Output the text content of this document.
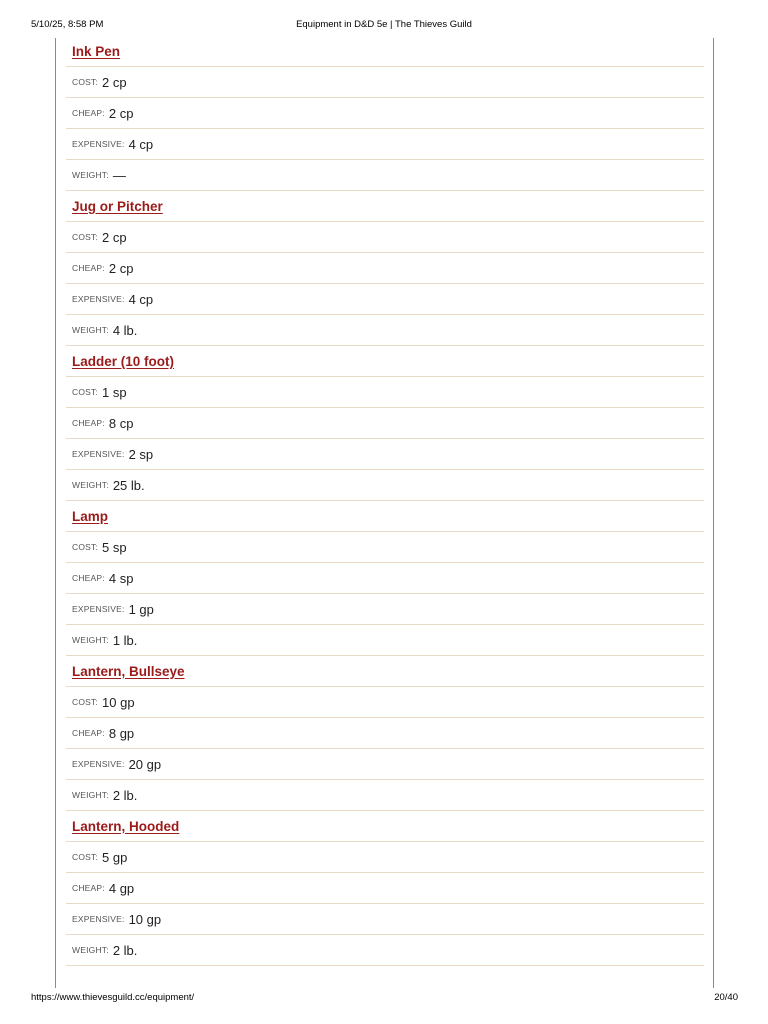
5/10/25, 8:58 PM	Equipment in D&D 5e | The Thieves Guild
Ink Pen
COST: 2 cp
CHEAP: 2 cp
EXPENSIVE: 4 cp
WEIGHT: —
Jug or Pitcher
COST: 2 cp
CHEAP: 2 cp
EXPENSIVE: 4 cp
WEIGHT: 4 lb.
Ladder (10 foot)
COST: 1 sp
CHEAP: 8 cp
EXPENSIVE: 2 sp
WEIGHT: 25 lb.
Lamp
COST: 5 sp
CHEAP: 4 sp
EXPENSIVE: 1 gp
WEIGHT: 1 lb.
Lantern, Bullseye
COST: 10 gp
CHEAP: 8 gp
EXPENSIVE: 20 gp
WEIGHT: 2 lb.
Lantern, Hooded
COST: 5 gp
CHEAP: 4 gp
EXPENSIVE: 10 gp
WEIGHT: 2 lb.
https://www.thievesguild.cc/equipment/	20/40
